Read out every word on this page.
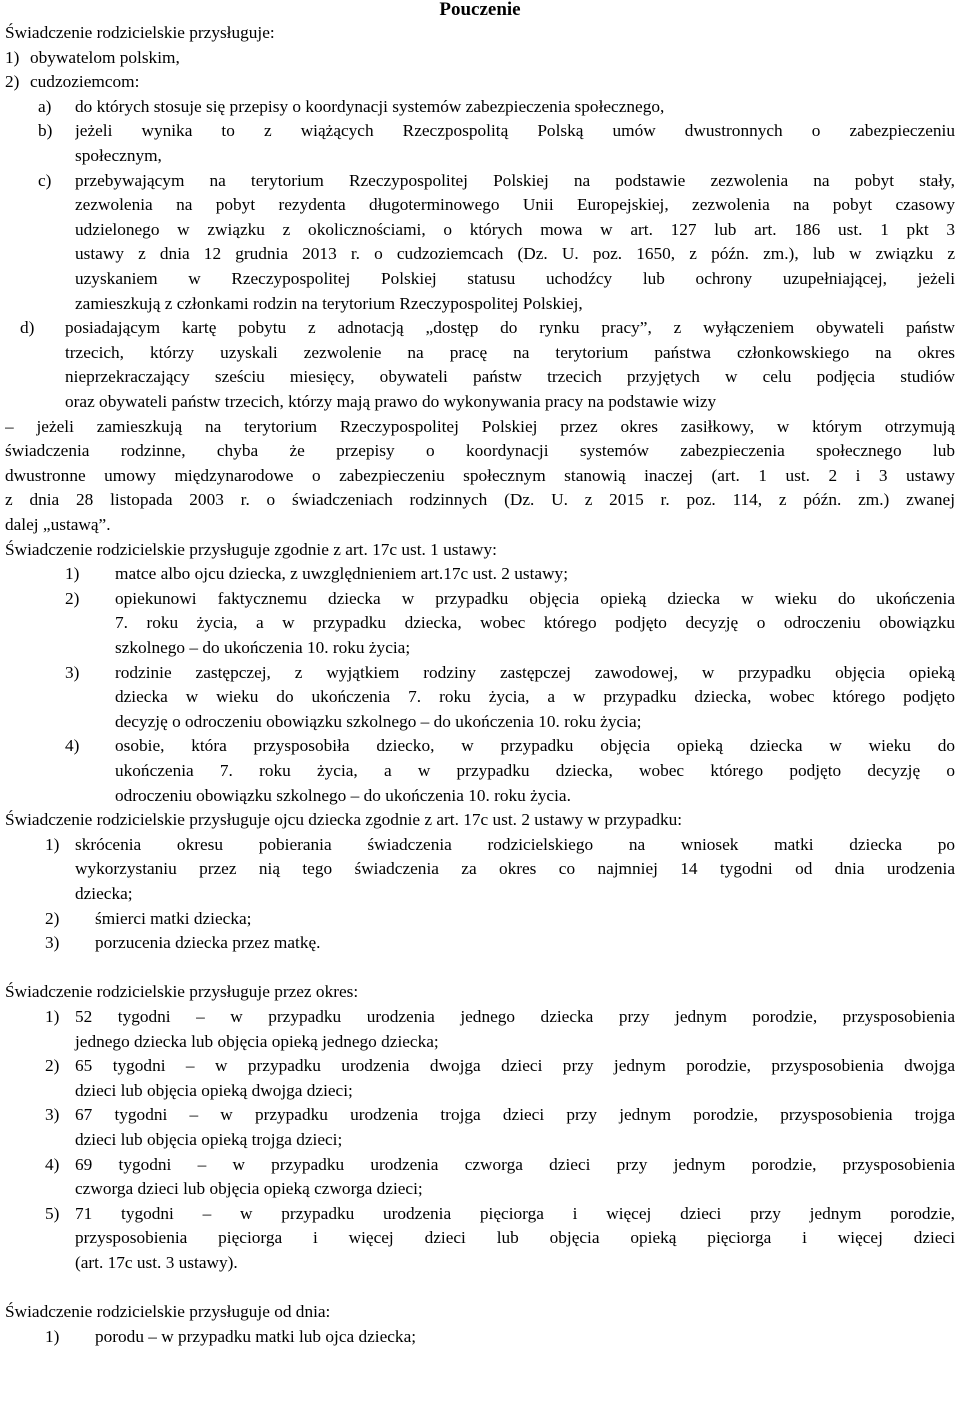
Pouczenie
Świadczenie rodzicielskie przysługuje:
1) obywatelom polskim,
2) cudzoziemcom:
a) do których stosuje się przepisy o koordynacji systemów zabezpieczenia społecznego,
b) jeżeli wynika to z wiążących Rzeczpospolitą Polską umów dwustronnych o zabezpieczeniu
społecznym,
c) przebywającym na terytorium Rzeczypospolitej Polskiej na podstawie zezwolenia na pobyt stały,
zezwolenia na pobyt rezydenta długoterminowego Unii Europejskiej, zezwolenia na pobyt czasowy
udzielonego w związku z okolicznościami, o których mowa w art. 127 lub art. 186 ust. 1 pkt 3
ustawy z dnia 12 grudnia 2013 r. o cudzoziemcach (Dz. U. poz. 1650, z późn. zm.), lub w związku z
uzyskaniem w Rzeczypospolitej Polskiej statusu uchodźcy lub ochrony uzupełniającej, jeżeli
zamieszkują z członkami rodzin na terytorium Rzeczypospolitej Polskiej,
d) posiadającym kartę pobytu z adnotacją „dostęp do rynku pracy”, z wyłączeniem obywateli państw
trzecich, którzy uzyskali zezwolenie na pracę na terytorium państwa członkowskiego na okres
nieprzekraczający sześciu miesięcy, obywateli państw trzecich przyjętych w celu podjęcia studiów
oraz obywateli państw trzecich, którzy mają prawo do wykonywania pracy na podstawie wizy
– jeżeli zamieszkują na terytorium Rzeczypospolitej Polskiej przez okres zasiłkowy, w którym otrzymują
świadczenia rodzinne, chyba że przepisy o koordynacji systemów zabezpieczenia społecznego lub
dwustronne umowy międzynarodowe o zabezpieczeniu społecznym stanowią inaczej (art. 1 ust. 2 i 3 ustawy
z dnia 28 listopada 2003 r. o świadczeniach rodzinnych (Dz. U. z 2015 r. poz. 114, z późn. zm.) zwanej
dalej „ustawą”.
Świadczenie rodzicielskie przysługuje zgodnie z art. 17c ust. 1 ustawy:
1) matce albo ojcu dziecka, z uwzględnieniem art.17c ust. 2 ustawy;
2) opiekunowi faktycznemu dziecka w przypadku objęcia opieką dziecka w wieku do ukończenia
7. roku życia, a w przypadku dziecka, wobec którego podjęto decyzję o odroczeniu obowiązku
szkolnego – do ukończenia 10. roku życia;
3) rodzinie zastępczej, z wyjątkiem rodziny zastępczej zawodowej, w przypadku objęcia opieką
dziecka w wieku do ukończenia 7. roku życia, a w przypadku dziecka, wobec którego podjęto
decyzję o odroczeniu obowiązku szkolnego – do ukończenia 10. roku życia;
4) osobie, która przysposobiła dziecko, w przypadku objęcia opieką dziecka w wieku do
ukończenia 7. roku życia, a w przypadku dziecka, wobec którego podjęto decyzję o
odroczeniu obowiązku szkolnego – do ukończenia 10. roku życia.
Świadczenie rodzicielskie przysługuje ojcu dziecka zgodnie z art. 17c ust. 2 ustawy w przypadku:
1) skrócenia okresu pobierania świadczenia rodzicielskiego na wniosek matki dziecka po
wykorzystaniu przez nią tego świadczenia za okres co najmniej 14 tygodni od dnia urodzenia
dziecka;
2) śmierci matki dziecka;
3) porzucenia dziecka przez matkę.
Świadczenie rodzicielskie przysługuje przez okres:
1) 52 tygodni – w przypadku urodzenia jednego dziecka przy jednym porodzie, przysposobienia
jednego dziecka lub objęcia opieką jednego dziecka;
2) 65 tygodni – w przypadku urodzenia dwojga dzieci przy jednym porodzie, przysposobienia dwojga
dzieci lub objęcia opieką dwojga dzieci;
3) 67 tygodni – w przypadku urodzenia trojga dzieci przy jednym porodzie, przysposobienia trojga
dzieci lub objęcia opieką trojga dzieci;
4) 69 tygodni – w przypadku urodzenia czworga dzieci przy jednym porodzie, przysposobienia
czworga dzieci lub objęcia opieką czworga dzieci;
5) 71 tygodni – w przypadku urodzenia pięciorga i więcej dzieci przy jednym porodzie,
przysposobienia pięciorga i więcej dzieci lub objęcia opieką pięciorga i więcej dzieci
(art. 17c ust. 3 ustawy).
Świadczenie rodzicielskie przysługuje od dnia:
1) porodu – w przypadku matki lub ojca dziecka;
